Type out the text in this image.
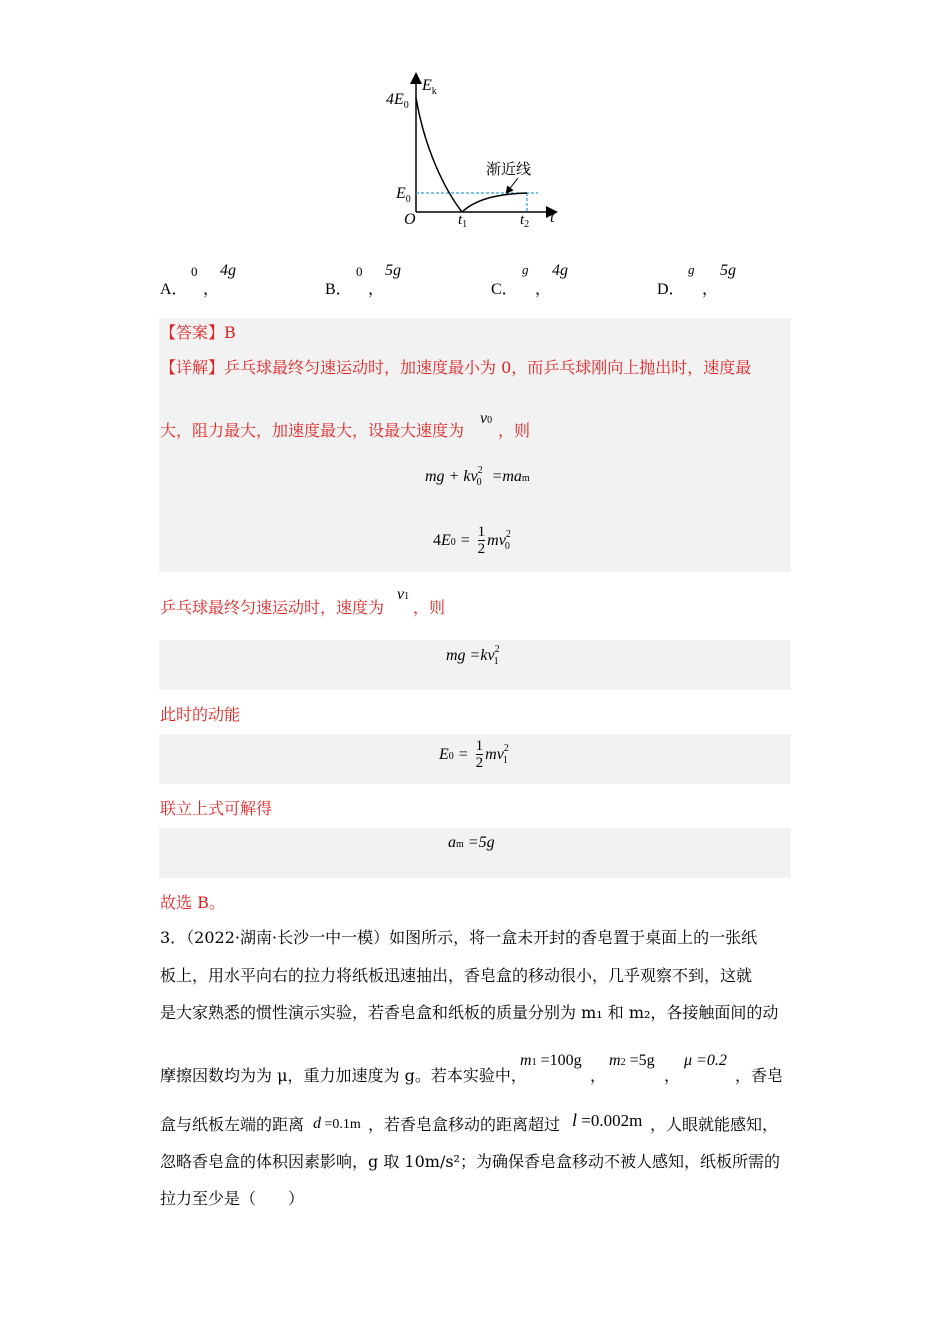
$E_k$
$4E_0$
$E_0$
O	$t_1$	$t_2$ t
渐近线
A．
0
，
4g
B．
0
，
5g
C．
g
，
4g
D．
g
，
5g
【答案】B
【详解】乒乓球最终匀速运动时，加速度最小为 0，而乒乓球刚向上抛出时，速度最
大，阻力最大，加速度最大，设最大速度为
v0
，则
mg + $kv^2_0 =mam$
$4E0 = \frac{1}{2} mv^2_0$
乒乓球最终匀速运动时，速度为
v1
，则
mg $=kv^2_1$
此时的动能
$E0 = \frac{1}{2} mv^2_1$
联立上式可解得
am =5g
故选 B。
3．（2022·湖南·长沙一中一模）如图所示，将一盒未开封的香皂置于桌面上的一张纸
板上，用水平向右的拉力将纸板迅速抽出，香皂盒的移动很小，几乎观察不到，这就
是大家熟悉的惯性演示实验，若香皂盒和纸板的质量分别为 m₁ 和 m₂，各接触面间的动
摩擦因数均为为 μ，重力加速度为 g。若本实验中，
m1 =100g
，
m2 =5g
，
μ =0.2
，香皂
盒与纸板左端的距离 d =0.1m ，若香皂盒移动的距离超过 l =0.002m ，人眼就能感知，
忽略香皂盒的体积因素影响，g 取 10m/s²；为确保香皂盒移动不被人感知，纸板所需的
拉力至少是（　　）
